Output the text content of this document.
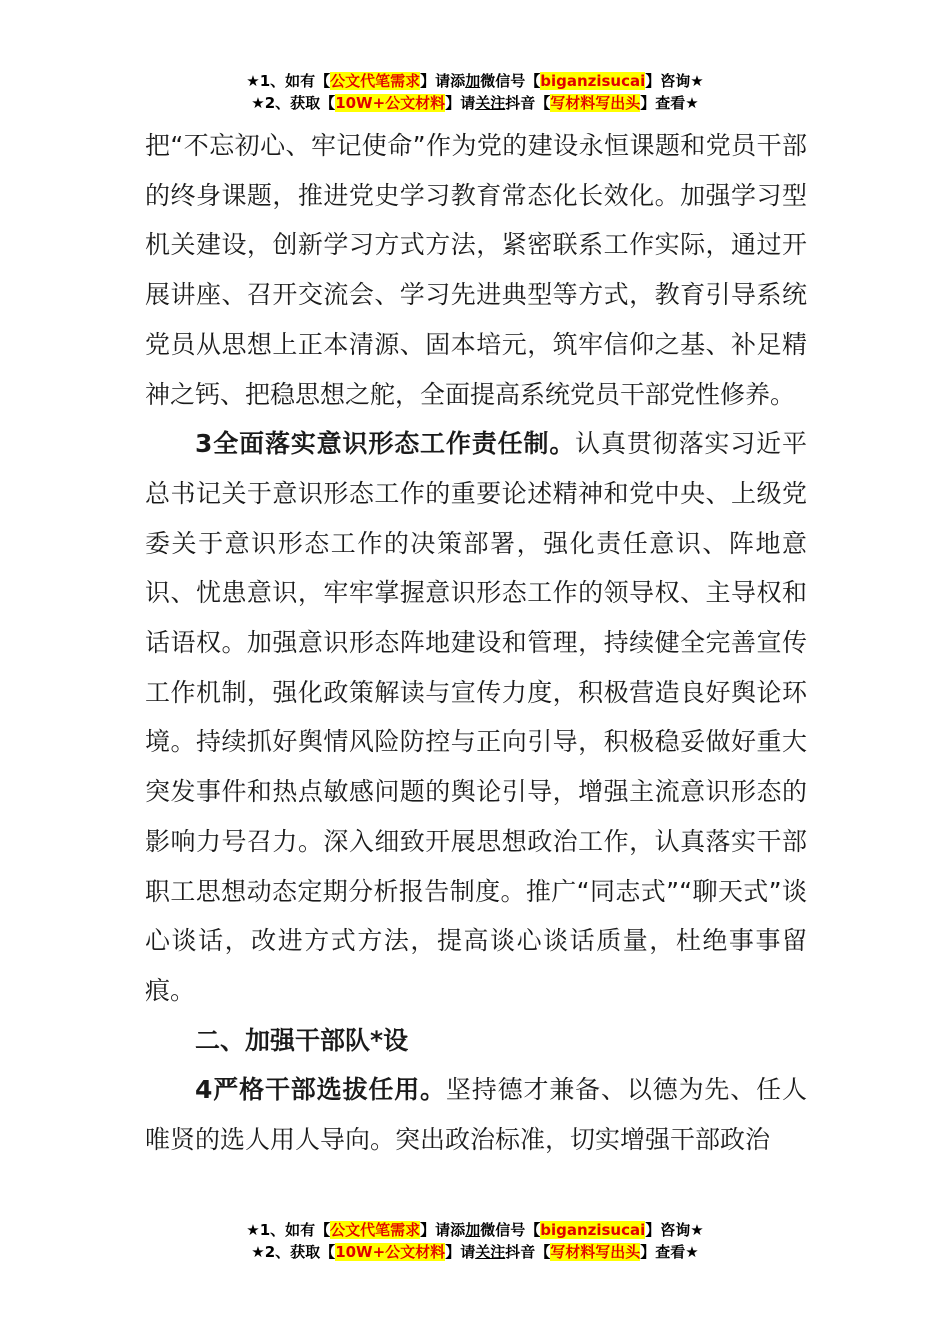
★1、如有【公文代笔需求】请添加微信号【biganzisucai】咨询★
★2、获取【10W+公文材料】请关注抖音【写材料写出头】查看★

把“不忘初心、牢记使命”作为党的建设永恒课题和党员干部的终身课题，推进党史学习教育常态化长效化。加强学习型机关建设，创新学习方式方法，紧密联系工作实际，通过开展讲座、召开交流会、学习先进典型等方式，教育引导系统党员从思想上正本清源、固本培元，筑牢信仰之基、补足精神之钙、把稳思想之舵，全面提高系统党员干部党性修养。

3全面落实意识形态工作责任制。认真贯彻落实习近平总书记关于意识形态工作的重要论述精神和党中央、上级党委关于意识形态工作的决策部署，强化责任意识、阵地意识、忧患意识，牢牢掌握意识形态工作的领导权、主导权和话语权。加强意识形态阵地建设和管理，持续健全完善宣传工作机制，强化政策解读与宣传力度，积极营造良好舆论环境。持续抓好舆情风险防控与正向引导，积极稳妥做好重大突发事件和热点敏感问题的舆论引导，增强主流意识形态的影响力号召力。深入细致开展思想政治工作，认真落实干部职工思想动态定期分析报告制度。推广“同志式”“聊天式”谈心谈话，改进方式方法，提高谈心谈话质量，杜绝事事留痕。

二、加强干部队*设

4严格干部选拔任用。坚持德才兼备、以德为先、任人唯贤的选人用人导向。突出政治标准，切实增强干部政治

★1、如有【公文代笔需求】请添加微信号【biganzisucai】咨询★
★2、获取【10W+公文材料】请关注抖音【写材料写出头】查看★
